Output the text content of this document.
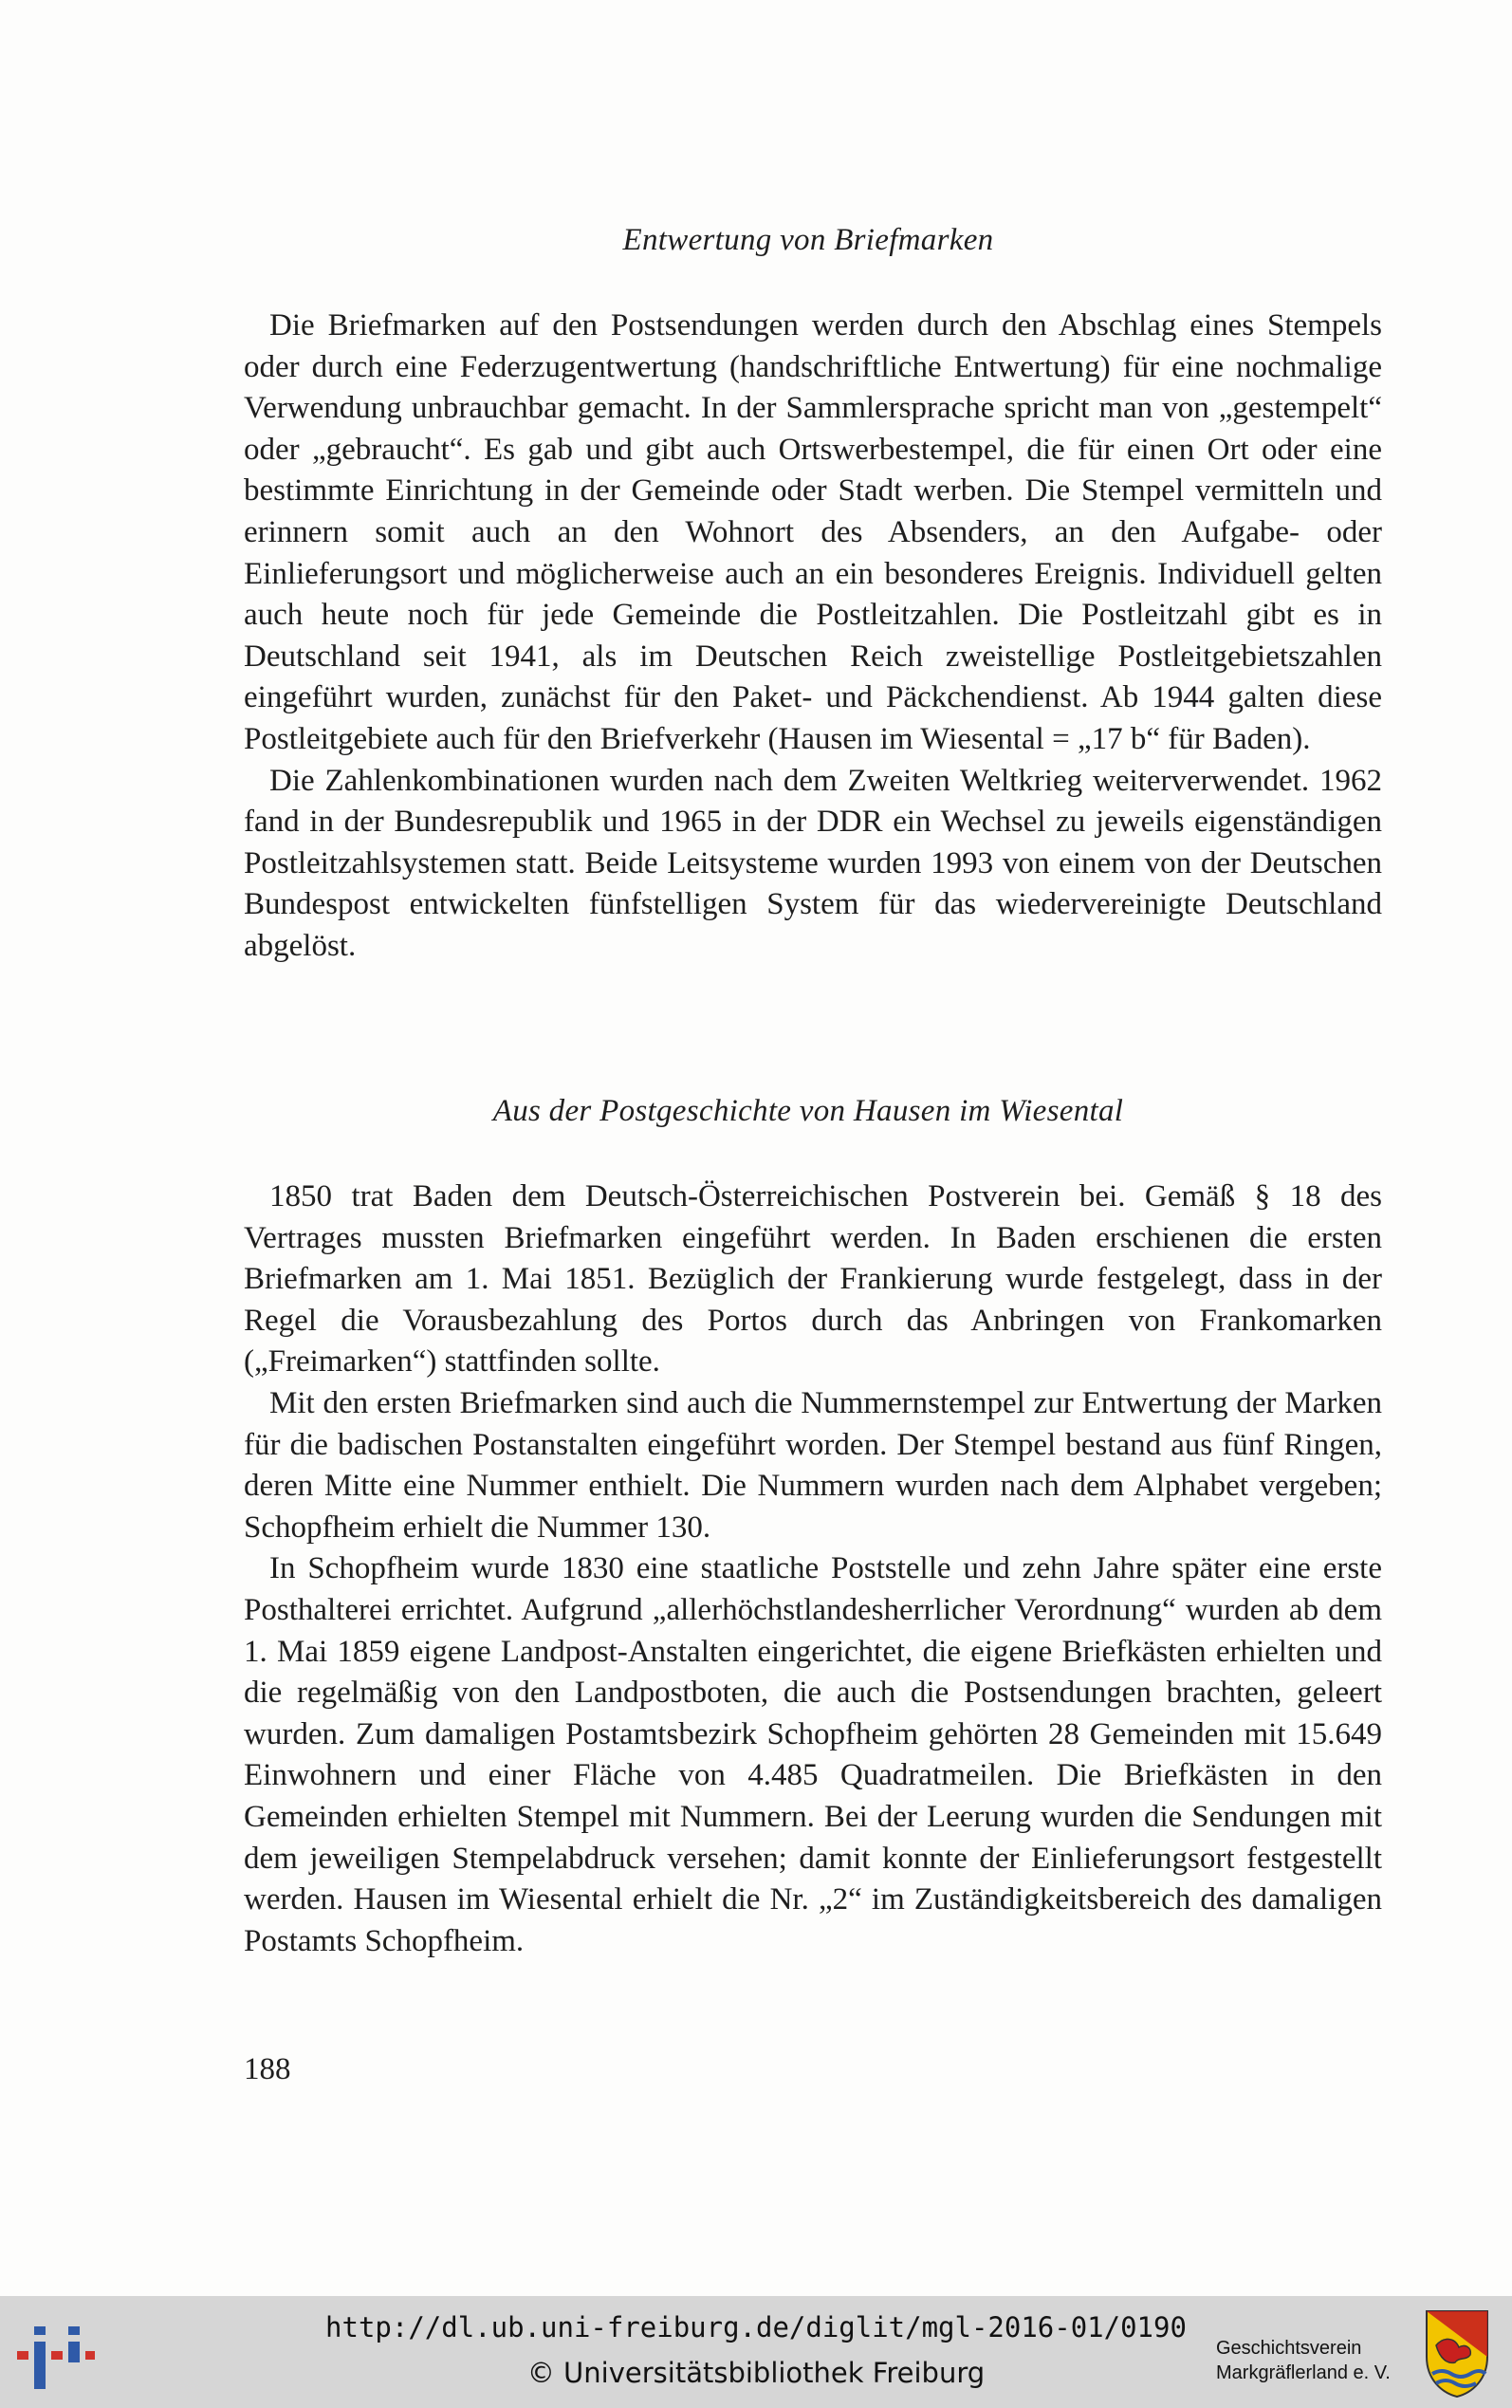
Entwertung von Briefmarken

Die Briefmarken auf den Postsendungen werden durch den Abschlag eines Stempels oder durch eine Federzugentwertung (handschriftliche Entwertung) für eine nochmalige Verwendung unbrauchbar gemacht. In der Sammlersprache spricht man von „gestempelt“ oder „gebraucht“. Es gab und gibt auch Ortswerbestempel, die für einen Ort oder eine bestimmte Einrichtung in der Gemeinde oder Stadt werben. Die Stempel vermitteln und erinnern somit auch an den Wohnort des Absenders, an den Aufgabe- oder Einlieferungsort und möglicherweise auch an ein besonderes Ereignis. Individuell gelten auch heute noch für jede Gemeinde die Postleitzahlen. Die Postleitzahl gibt es in Deutschland seit 1941, als im Deutschen Reich zweistellige Postleitgebietszahlen eingeführt wurden, zunächst für den Paket- und Päckchendienst. Ab 1944 galten diese Postleitgebiete auch für den Briefverkehr (Hausen im Wiesental = „17 b“ für Baden).

Die Zahlenkombinationen wurden nach dem Zweiten Weltkrieg weiterverwendet. 1962 fand in der Bundesrepublik und 1965 in der DDR ein Wechsel zu jeweils eigenständigen Postleitzahlsystemen statt. Beide Leitsysteme wurden 1993 von einem von der Deutschen Bundespost entwickelten fünfstelligen System für das wiedervereinigte Deutschland abgelöst.

Aus der Postgeschichte von Hausen im Wiesental

1850 trat Baden dem Deutsch-Österreichischen Postverein bei. Gemäß § 18 des Vertrages mussten Briefmarken eingeführt werden. In Baden erschienen die ersten Briefmarken am 1. Mai 1851. Bezüglich der Frankierung wurde festgelegt, dass in der Regel die Vorausbezahlung des Portos durch das Anbringen von Frankomarken („Freimarken“) stattfinden sollte.

Mit den ersten Briefmarken sind auch die Nummernstempel zur Entwertung der Marken für die badischen Postanstalten eingeführt worden. Der Stempel bestand aus fünf Ringen, deren Mitte eine Nummer enthielt. Die Nummern wurden nach dem Alphabet vergeben; Schopfheim erhielt die Nummer 130.

In Schopfheim wurde 1830 eine staatliche Poststelle und zehn Jahre später eine erste Posthalterei errichtet. Aufgrund „allerhöchstlandesherrlicher Verordnung“ wurden ab dem 1. Mai 1859 eigene Landpost-Anstalten eingerichtet, die eigene Briefkästen erhielten und die regelmäßig von den Landpostboten, die auch die Postsendungen brachten, geleert wurden. Zum damaligen Postamtsbezirk Schopfheim gehörten 28 Gemeinden mit 15.649 Einwohnern und einer Fläche von 4.485 Quadratmeilen. Die Briefkästen in den Gemeinden erhielten Stempel mit Nummern. Bei der Leerung wurden die Sendungen mit dem jeweiligen Stempelabdruck versehen; damit konnte der Einlieferungsort festgestellt werden. Hausen im Wiesental erhielt die Nr. „2“ im Zuständigkeitsbereich des damaligen Postamts Schopfheim.

188
http://dl.ub.uni-freiburg.de/diglit/mgl-2016-01/0190
© Universitätsbibliothek Freiburg
Geschichtsverein
Markgräflerland e. V.
